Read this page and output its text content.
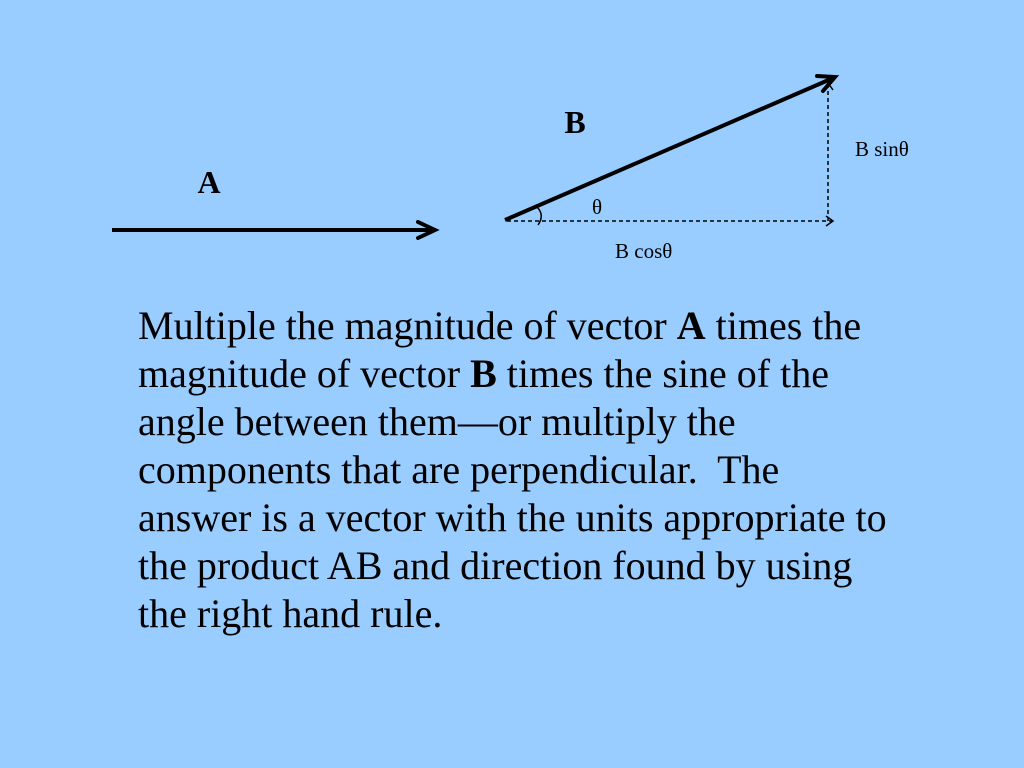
A
B
B cosθ
B sinθ
θ
Multiple the magnitude of vector A times the
magnitude of vector B times the sine of the
angle between them—or multiply the
components that are perpendicular.  The
answer is a vector with the units appropriate to
the product AB and direction found by using
the right hand rule.
